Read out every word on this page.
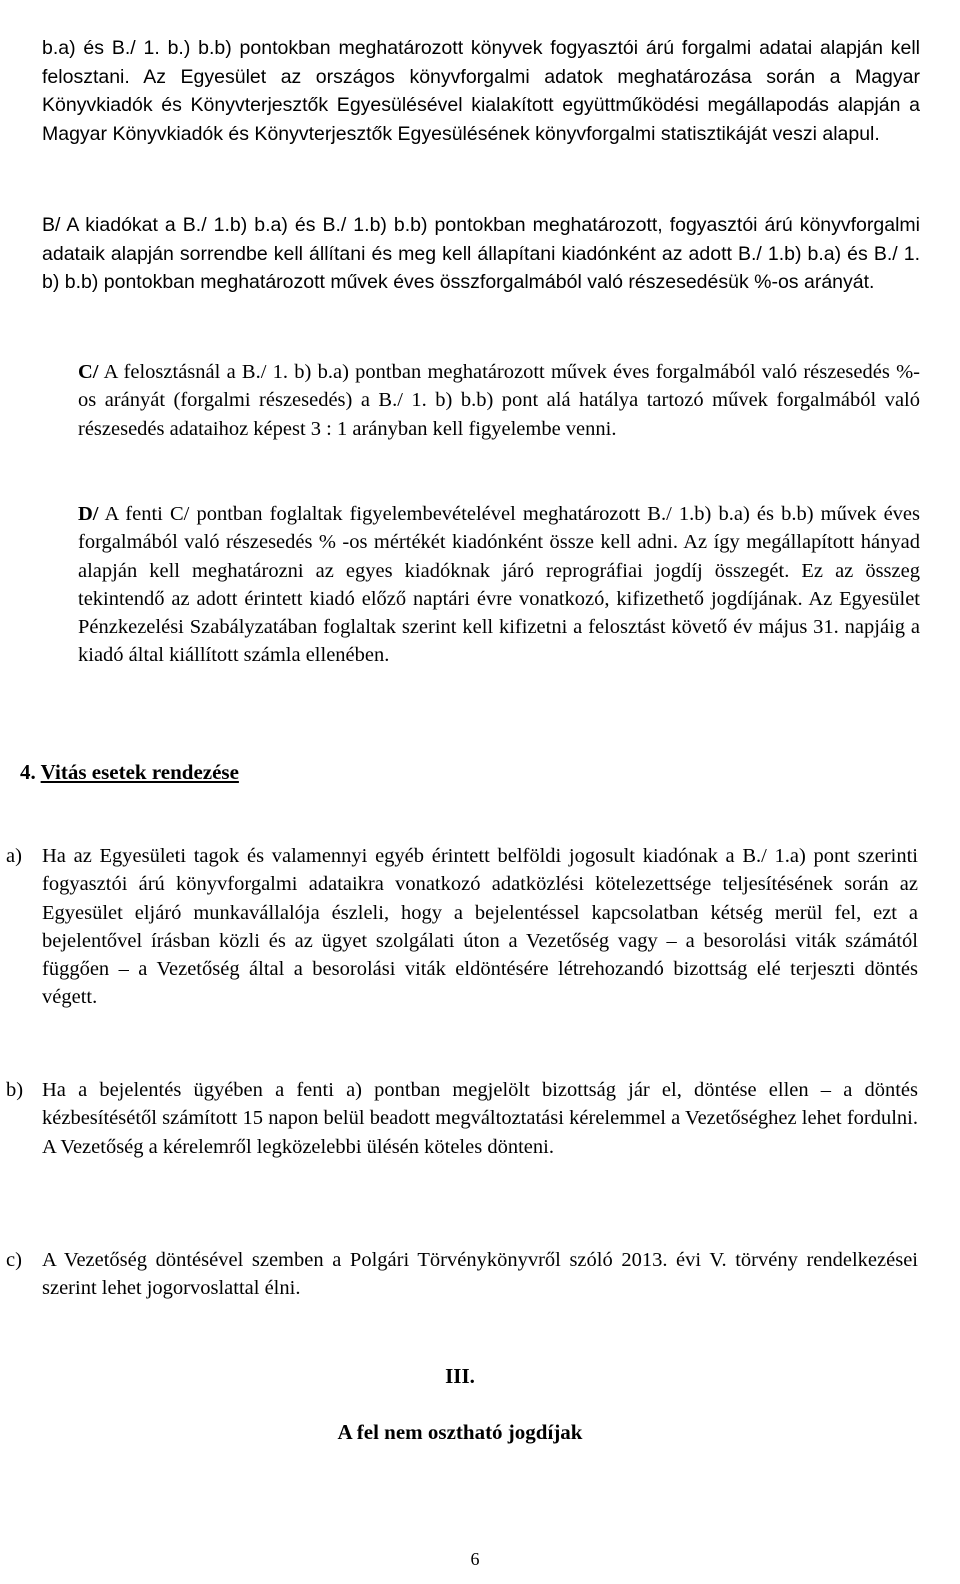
b.a) és B./ 1. b.) b.b) pontokban meghatározott könyvek fogyasztói árú forgalmi adatai alapján kell felosztani. Az Egyesület az országos könyvforgalmi adatok meghatározása során a Magyar Könyvkiadók és Könyvterjesztők Egyesülésével kialakított együttműködési megállapodás alapján a Magyar Könyvkiadók és Könyvterjesztők Egyesülésének könyvforgalmi statisztikáját veszi alapul.

B/ A kiadókat a B./ 1.b) b.a) és B./ 1.b) b.b) pontokban meghatározott, fogyasztói árú könyvforgalmi adataik alapján sorrendbe kell állítani és meg kell állapítani kiadónként az adott B./ 1.b) b.a) és B./ 1. b) b.b) pontokban meghatározott művek éves összforgalmából való részesedésük %-os arányát.

C/ A felosztásnál a B./ 1. b) b.a) pontban meghatározott művek éves forgalmából való részesedés %-os arányát (forgalmi részesedés) a B./ 1. b) b.b) pont alá hatálya tartozó művek forgalmából való részesedés adataihoz képest 3 : 1 arányban kell figyelembe venni.

D/ A fenti C/ pontban foglaltak figyelembevételével meghatározott B./ 1.b) b.a) és b.b) művek éves forgalmából való részesedés % -os mértékét kiadónként össze kell adni. Az így megállapított hányad alapján kell meghatározni az egyes kiadóknak járó reprográfiai jogdíj összegét. Ez az összeg tekintendő az adott érintett kiadó előző naptári évre vonatkozó, kifizethető jogdíjának. Az Egyesület Pénzkezelési Szabályzatában foglaltak szerint kell kifizetni a felosztást követő év május 31. napjáig a kiadó által kiállított számla ellenében.

4. Vitás esetek rendezése
a) Ha az Egyesületi tagok és valamennyi egyéb érintett belföldi jogosult kiadónak a B./ 1.a) pont szerinti fogyasztói árú könyvforgalmi adataikra vonatkozó adatközlési kötelezettsége teljesítésének során az Egyesület eljáró munkavállalója észleli, hogy a bejelentéssel kapcsolatban kétség merül fel, ezt a bejelentővel írásban közli és az ügyet szolgálati úton a Vezetőség vagy – a besorolási viták számától függően – a Vezetőség által a besorolási viták eldöntésére létrehozandó bizottság elé terjeszti döntés végett.

b) Ha a bejelentés ügyében a fenti a) pontban megjelölt bizottság jár el, döntése ellen – a döntés kézbesítésétől számított 15 napon belül beadott megváltoztatási kérelemmel a Vezetőséghez lehet fordulni. A Vezetőség a kérelemről legközelebbi ülésén köteles dönteni.

c) A Vezetőség döntésével szemben a Polgári Törvénykönyvről szóló 2013. évi V. törvény rendelkezései szerint lehet jogorvoslattal élni.

III.
A fel nem osztható jogdíjak
6
